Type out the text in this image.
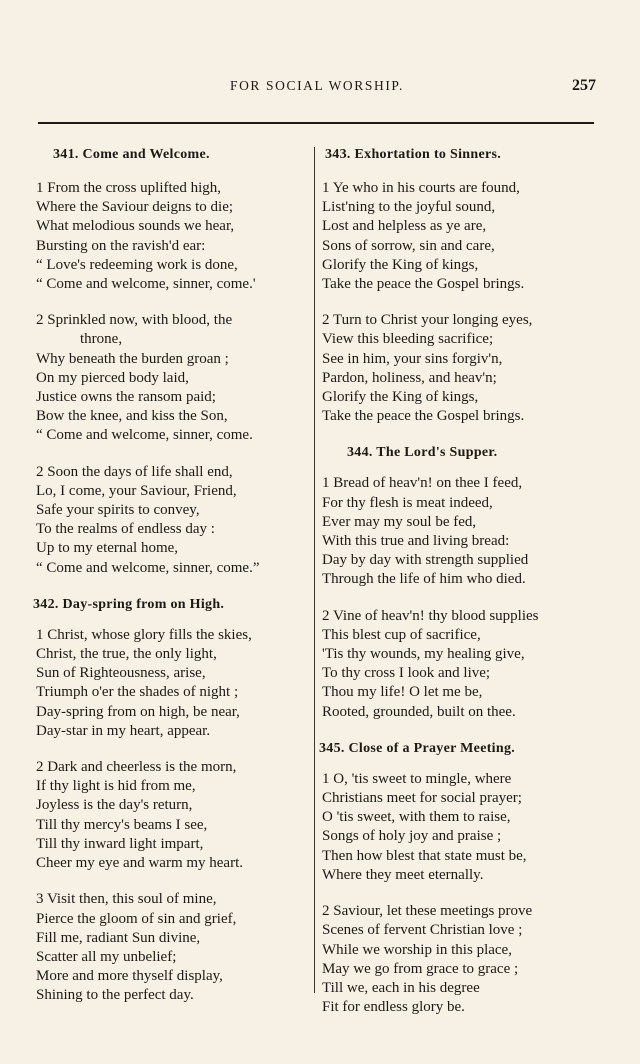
FOR SOCIAL WORSHIP.	257
341. Come and Welcome.
1 From the cross uplifted high,
Where the Saviour deigns to die;
What melodious sounds we hear,
Bursting on the ravish'd ear:
“ Love's redeeming work is done,
“ Come and welcome, sinner, come.'
2 Sprinkled now, with blood, the
throne,
Why beneath the burden groan ;
On my pierced body laid,
Justice owns the ransom paid;
Bow the knee, and kiss the Son,
“ Come and welcome, sinner, come.
2 Soon the days of life shall end,
Lo, I come, your Saviour, Friend,
Safe your spirits to convey,
To the realms of endless day :
Up to my eternal home,
“ Come and welcome, sinner, come.”
342. Day-spring from on High.
1 Christ, whose glory fills the skies,
Christ, the true, the only light,
Sun of Righteousness, arise,
Triumph o'er the shades of night ;
Day-spring from on high, be near,
Day-star in my heart, appear.
2 Dark and cheerless is the morn,
If thy light is hid from me,
Joyless is the day's return,
Till thy mercy's beams I see,
Till thy inward light impart,
Cheer my eye and warm my heart.
3 Visit then, this soul of mine,
Pierce the gloom of sin and grief,
Fill me, radiant Sun divine,
Scatter all my unbelief;
More and more thyself display,
Shining to the perfect day.
343. Exhortation to Sinners.
1 Ye who in his courts are found,
List'ning to the joyful sound,
Lost and helpless as ye are,
Sons of sorrow, sin and care,
Glorify the King of kings,
Take the peace the Gospel brings.
2 Turn to Christ your longing eyes,
View this bleeding sacrifice;
See in him, your sins forgiv'n,
Pardon, holiness, and heav'n;
Glorify the King of kings,
Take the peace the Gospel brings.
344. The Lord's Supper.
1 Bread of heav'n! on thee I feed,
For thy flesh is meat indeed,
Ever may my soul be fed,
With this true and living bread:
Day by day with strength supplied
Through the life of him who died.
2 Vine of heav'n! thy blood supplies
This blest cup of sacrifice,
'Tis thy wounds, my healing give,
To thy cross I look and live;
Thou my life! O let me be,
Rooted, grounded, built on thee.
345. Close of a Prayer Meeting.
1 O, 'tis sweet to mingle, where
Christians meet for social prayer;
O 'tis sweet, with them to raise,
Songs of holy joy and praise ;
Then how blest that state must be,
Where they meet eternally.
2 Saviour, let these meetings prove
Scenes of fervent Christian love ;
While we worship in this place,
May we go from grace to grace ;
Till we, each in his degree
Fit for endless glory be.
